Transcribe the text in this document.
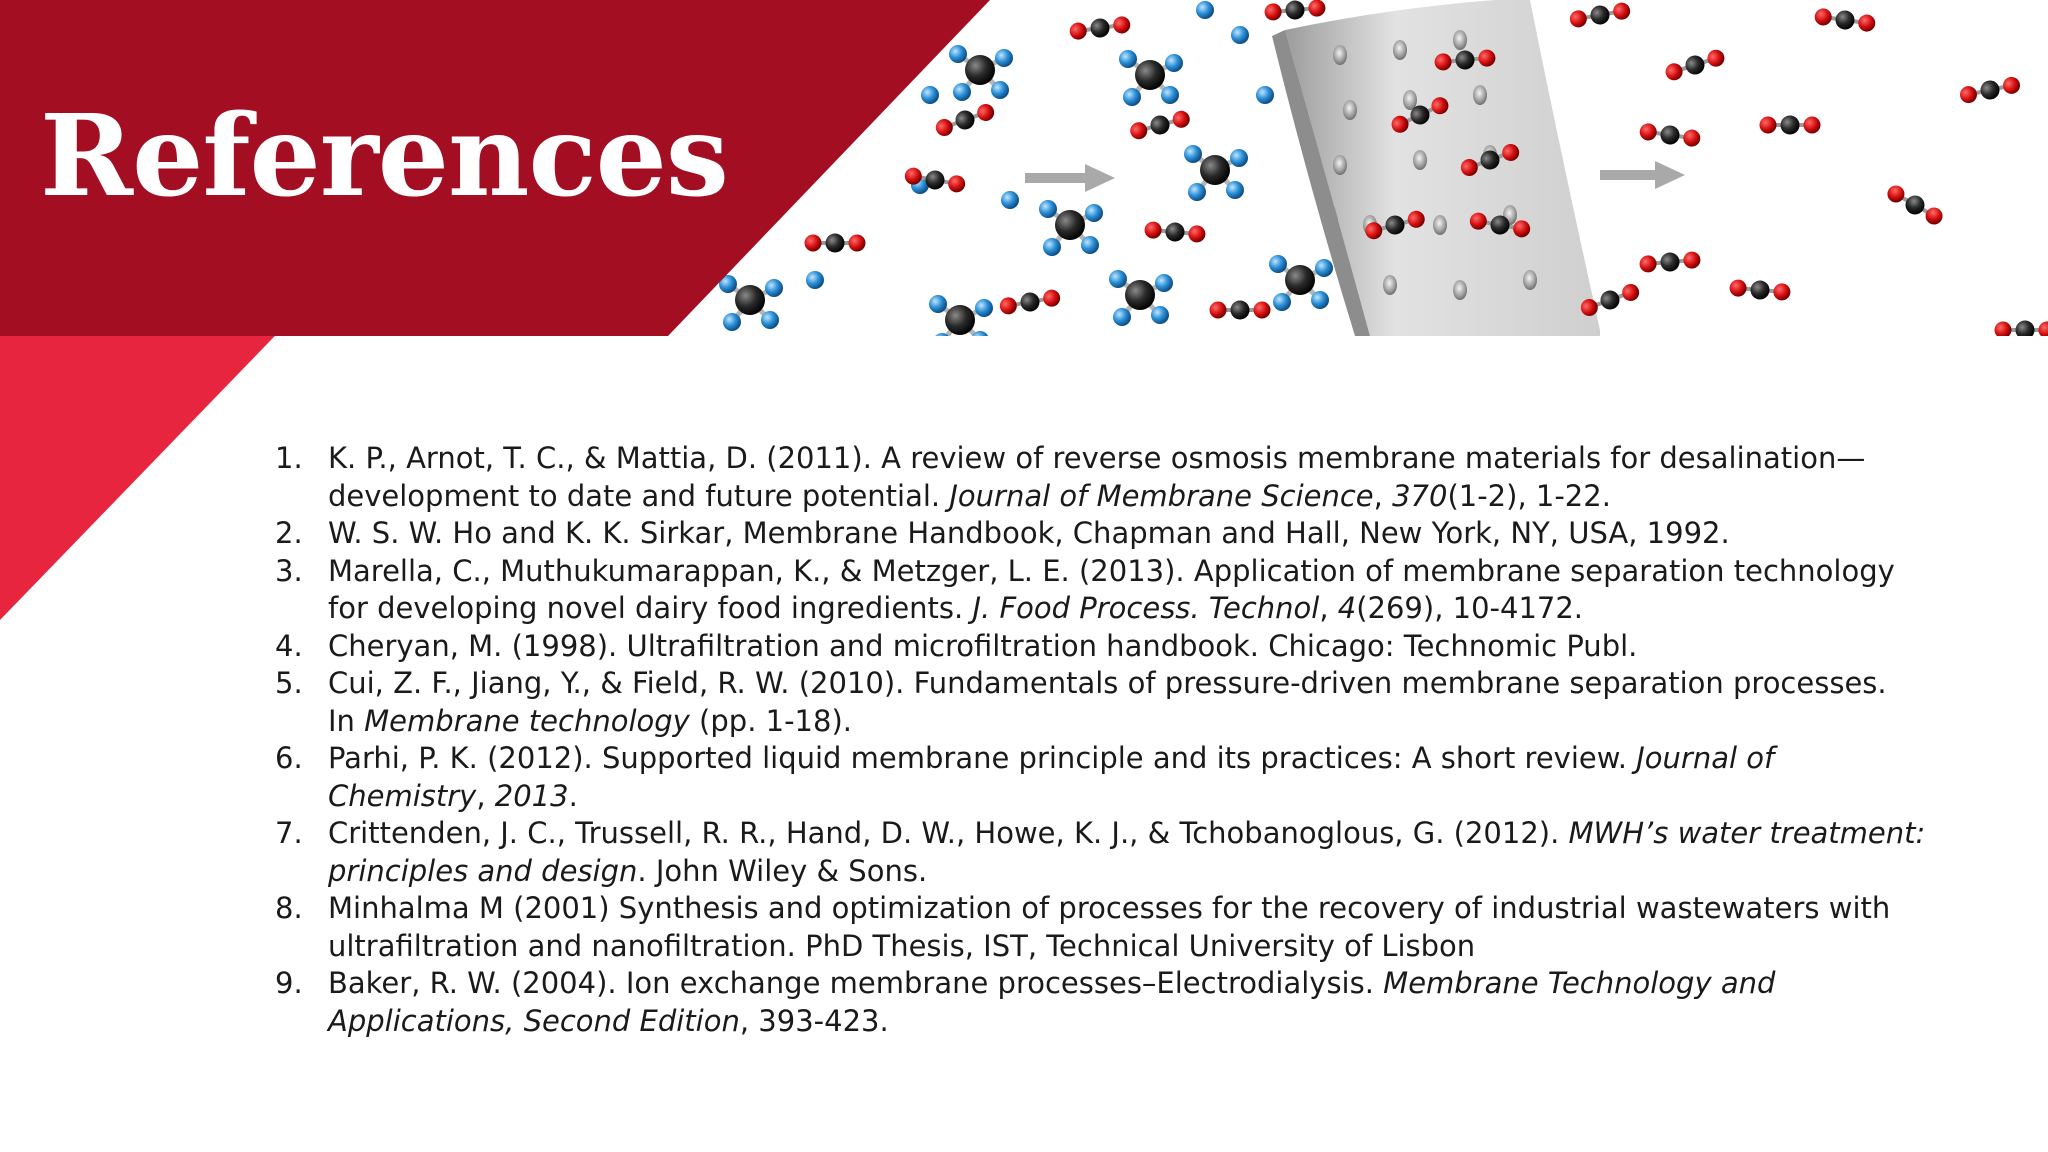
References
1. K. P., Arnot, T. C., & Mattia, D. (2011). A review of reverse osmosis membrane materials for desalination—
development to date and future potential. Journal of Membrane Science, 370(1-2), 1-22.
2. W. S. W. Ho and K. K. Sirkar, Membrane Handbook, Chapman and Hall, New York, NY, USA, 1992.
3. Marella, C., Muthukumarappan, K., & Metzger, L. E. (2013). Application of membrane separation technology
for developing novel dairy food ingredients. J. Food Process. Technol, 4(269), 10-4172.
4. Cheryan, M. (1998). Ultrafiltration and microfiltration handbook. Chicago: Technomic Publ.
5. Cui, Z. F., Jiang, Y., & Field, R. W. (2010). Fundamentals of pressure-driven membrane separation processes.
In Membrane technology (pp. 1-18).
6. Parhi, P. K. (2012). Supported liquid membrane principle and its practices: A short review. Journal of
Chemistry, 2013.
7. Crittenden, J. C., Trussell, R. R., Hand, D. W., Howe, K. J., & Tchobanoglous, G. (2012). MWH’s water treatment:
principles and design. John Wiley & Sons.
8. Minhalma M (2001) Synthesis and optimization of processes for the recovery of industrial wastewaters with
ultrafiltration and nanofiltration. PhD Thesis, IST, Technical University of Lisbon
9. Baker, R. W. (2004). Ion exchange membrane processes–Electrodialysis. Membrane Technology and
Applications, Second Edition, 393-423.
